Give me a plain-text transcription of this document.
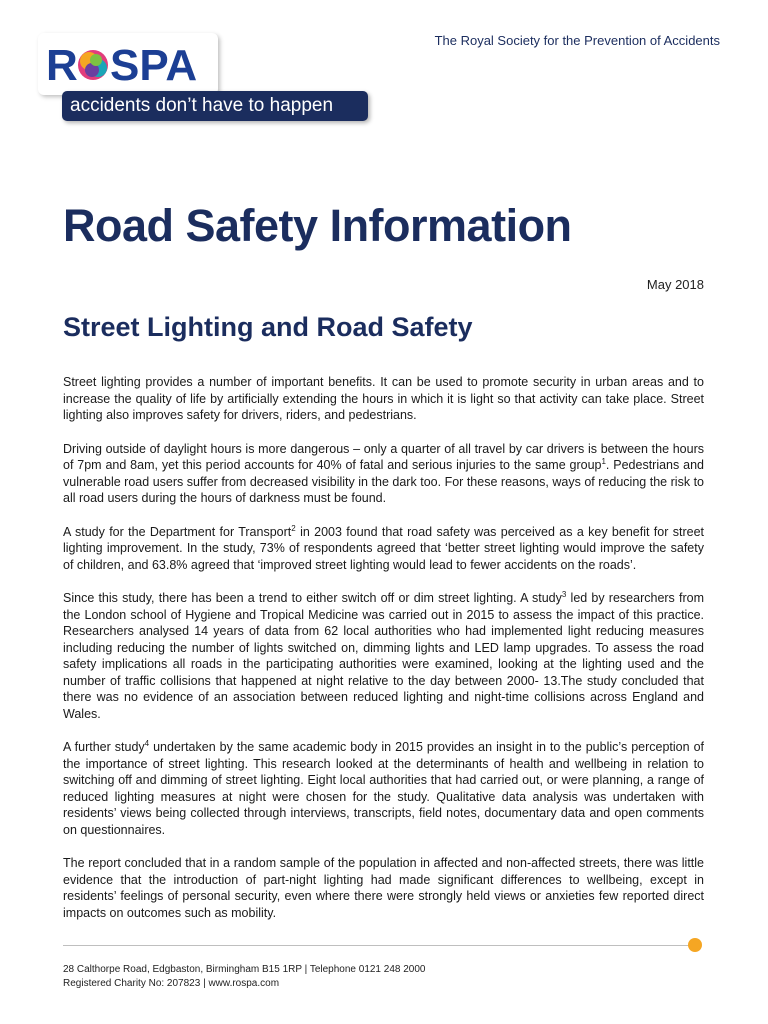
R SPA
accidents don’t have to happen
The Royal Society for the Prevention of Accidents
Road Safety Information
May 2018
Street Lighting and Road Safety

Street lighting provides a number of important benefits. It can be used to promote security in urban areas and to increase the quality of life by artificially extending the hours in which it is light so that activity can take place. Street lighting also improves safety for drivers, riders, and pedestrians.

Driving outside of daylight hours is more dangerous – only a quarter of all travel by car drivers is between the hours of 7pm and 8am, yet this period accounts for 40% of fatal and serious injuries to the same group$^1$. Pedestrians and vulnerable road users suffer from decreased visibility in the dark too. For these reasons, ways of reducing the risk to all road users during the hours of darkness must be found.

A study for the Department for Transport$^2$ in 2003 found that road safety was perceived as a key benefit for street lighting improvement. In the study, 73% of respondents agreed that ‘better street lighting would improve the safety of children, and 63.8% agreed that ‘improved street lighting would lead to fewer accidents on the roads’.

Since this study, there has been a trend to either switch off or dim street lighting. A study$^3$ led by researchers from the London school of Hygiene and Tropical Medicine was carried out in 2015 to assess the impact of this practice. Researchers analysed 14 years of data from 62 local authorities who had implemented light reducing measures including reducing the number of lights switched on, dimming lights and LED lamp upgrades. To assess the road safety implications all roads in the participating authorities were examined, looking at the lighting used and the number of traffic collisions that happened at night relative to the day between 2000- 13.The study concluded that there was no evidence of an association between reduced lighting and night-time collisions across England and Wales.

A further study$^4$ undertaken by the same academic body in 2015 provides an insight in to the public’s perception of the importance of street lighting. This research looked at the determinants of health and wellbeing in relation to switching off and dimming of street lighting. Eight local authorities that had carried out, or were planning, a range of reduced lighting measures at night were chosen for the study. Qualitative data analysis was undertaken with residents’ views being collected through interviews, transcripts, field notes, documentary data and open comments on questionnaires.

The report concluded that in a random sample of the population in affected and non-affected streets, there was little evidence that the introduction of part-night lighting had made significant differences to wellbeing, except in residents’ feelings of personal security, even where there were strongly held views or anxieties few reported direct impacts on outcomes such as mobility.

28 Calthorpe Road, Edgbaston, Birmingham B15 1RP | Telephone 0121 248 2000
Registered Charity No: 207823 | www.rospa.com
